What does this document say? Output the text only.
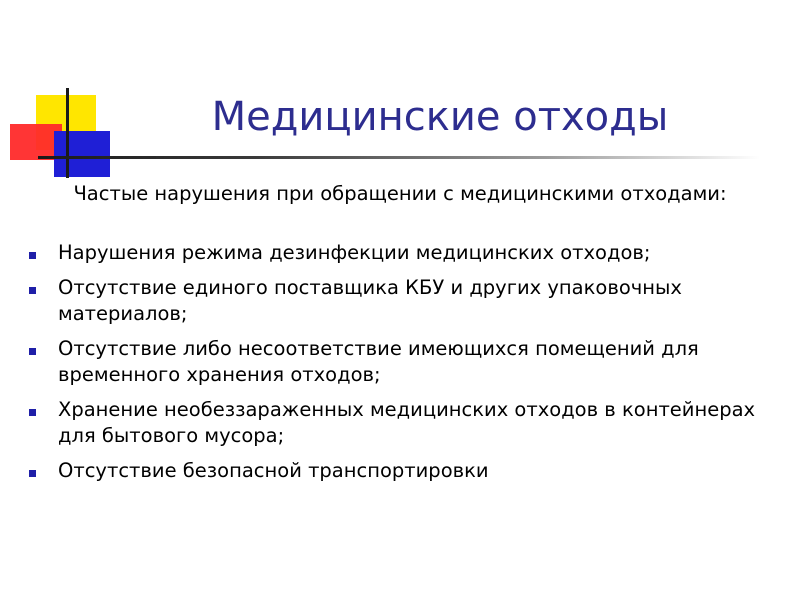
Медицинские отходы
Частые нарушения при обращении с медицинскими отходами:
Нарушения режима дезинфекции медицинских отходов;
Отсутствие единого поставщика КБУ и других упаковочных материалов;
Отсутствие либо несоответствие имеющихся помещений для временного хранения отходов;
Хранение необеззараженных медицинских отходов в контейнерах для бытового мусора;
Отсутствие безопасной транспортировки
